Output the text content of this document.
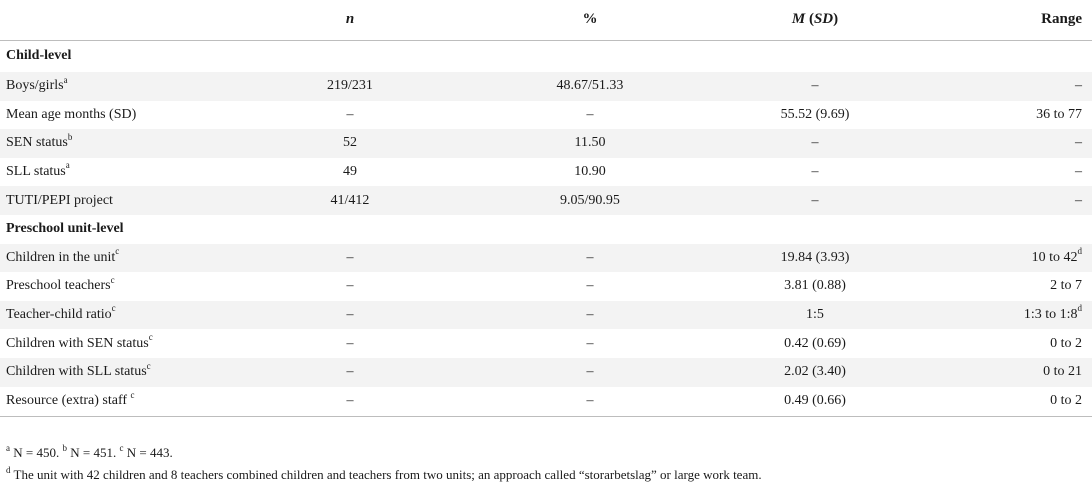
	n	%	M (SD)	Range
Child-level				
Boys/girls$^a$	219/231	48.67/51.33	–	–
Mean age months (SD)	–	–	55.52 (9.69)	36 to 77
SEN status$^b$	52	11.50	–	–
SLL status$^a$	49	10.90	–	–
TUTI/PEPI project	41/412	9.05/90.95	–	–
Preschool unit-level				
Children in the unit$^c$	–	–	19.84 (3.93)	10 to 42$^d$
Preschool teachers$^c$	–	–	3.81 (0.88)	2 to 7
Teacher-child ratio$^c$	–	–	1:5	1:3 to 1:8$^d$
Children with SEN status$^c$	–	–	0.42 (0.69)	0 to 2
Children with SLL status$^c$	–	–	2.02 (3.40)	0 to 21
Resource (extra) staff $^c$	–	–	0.49 (0.66)	0 to 2
$^a$ N = 450. $^b$ N = 451. $^c$ N = 443.
$^d$ The unit with 42 children and 8 teachers combined children and teachers from two units; an approach called “storarbetslag” or large work team.
